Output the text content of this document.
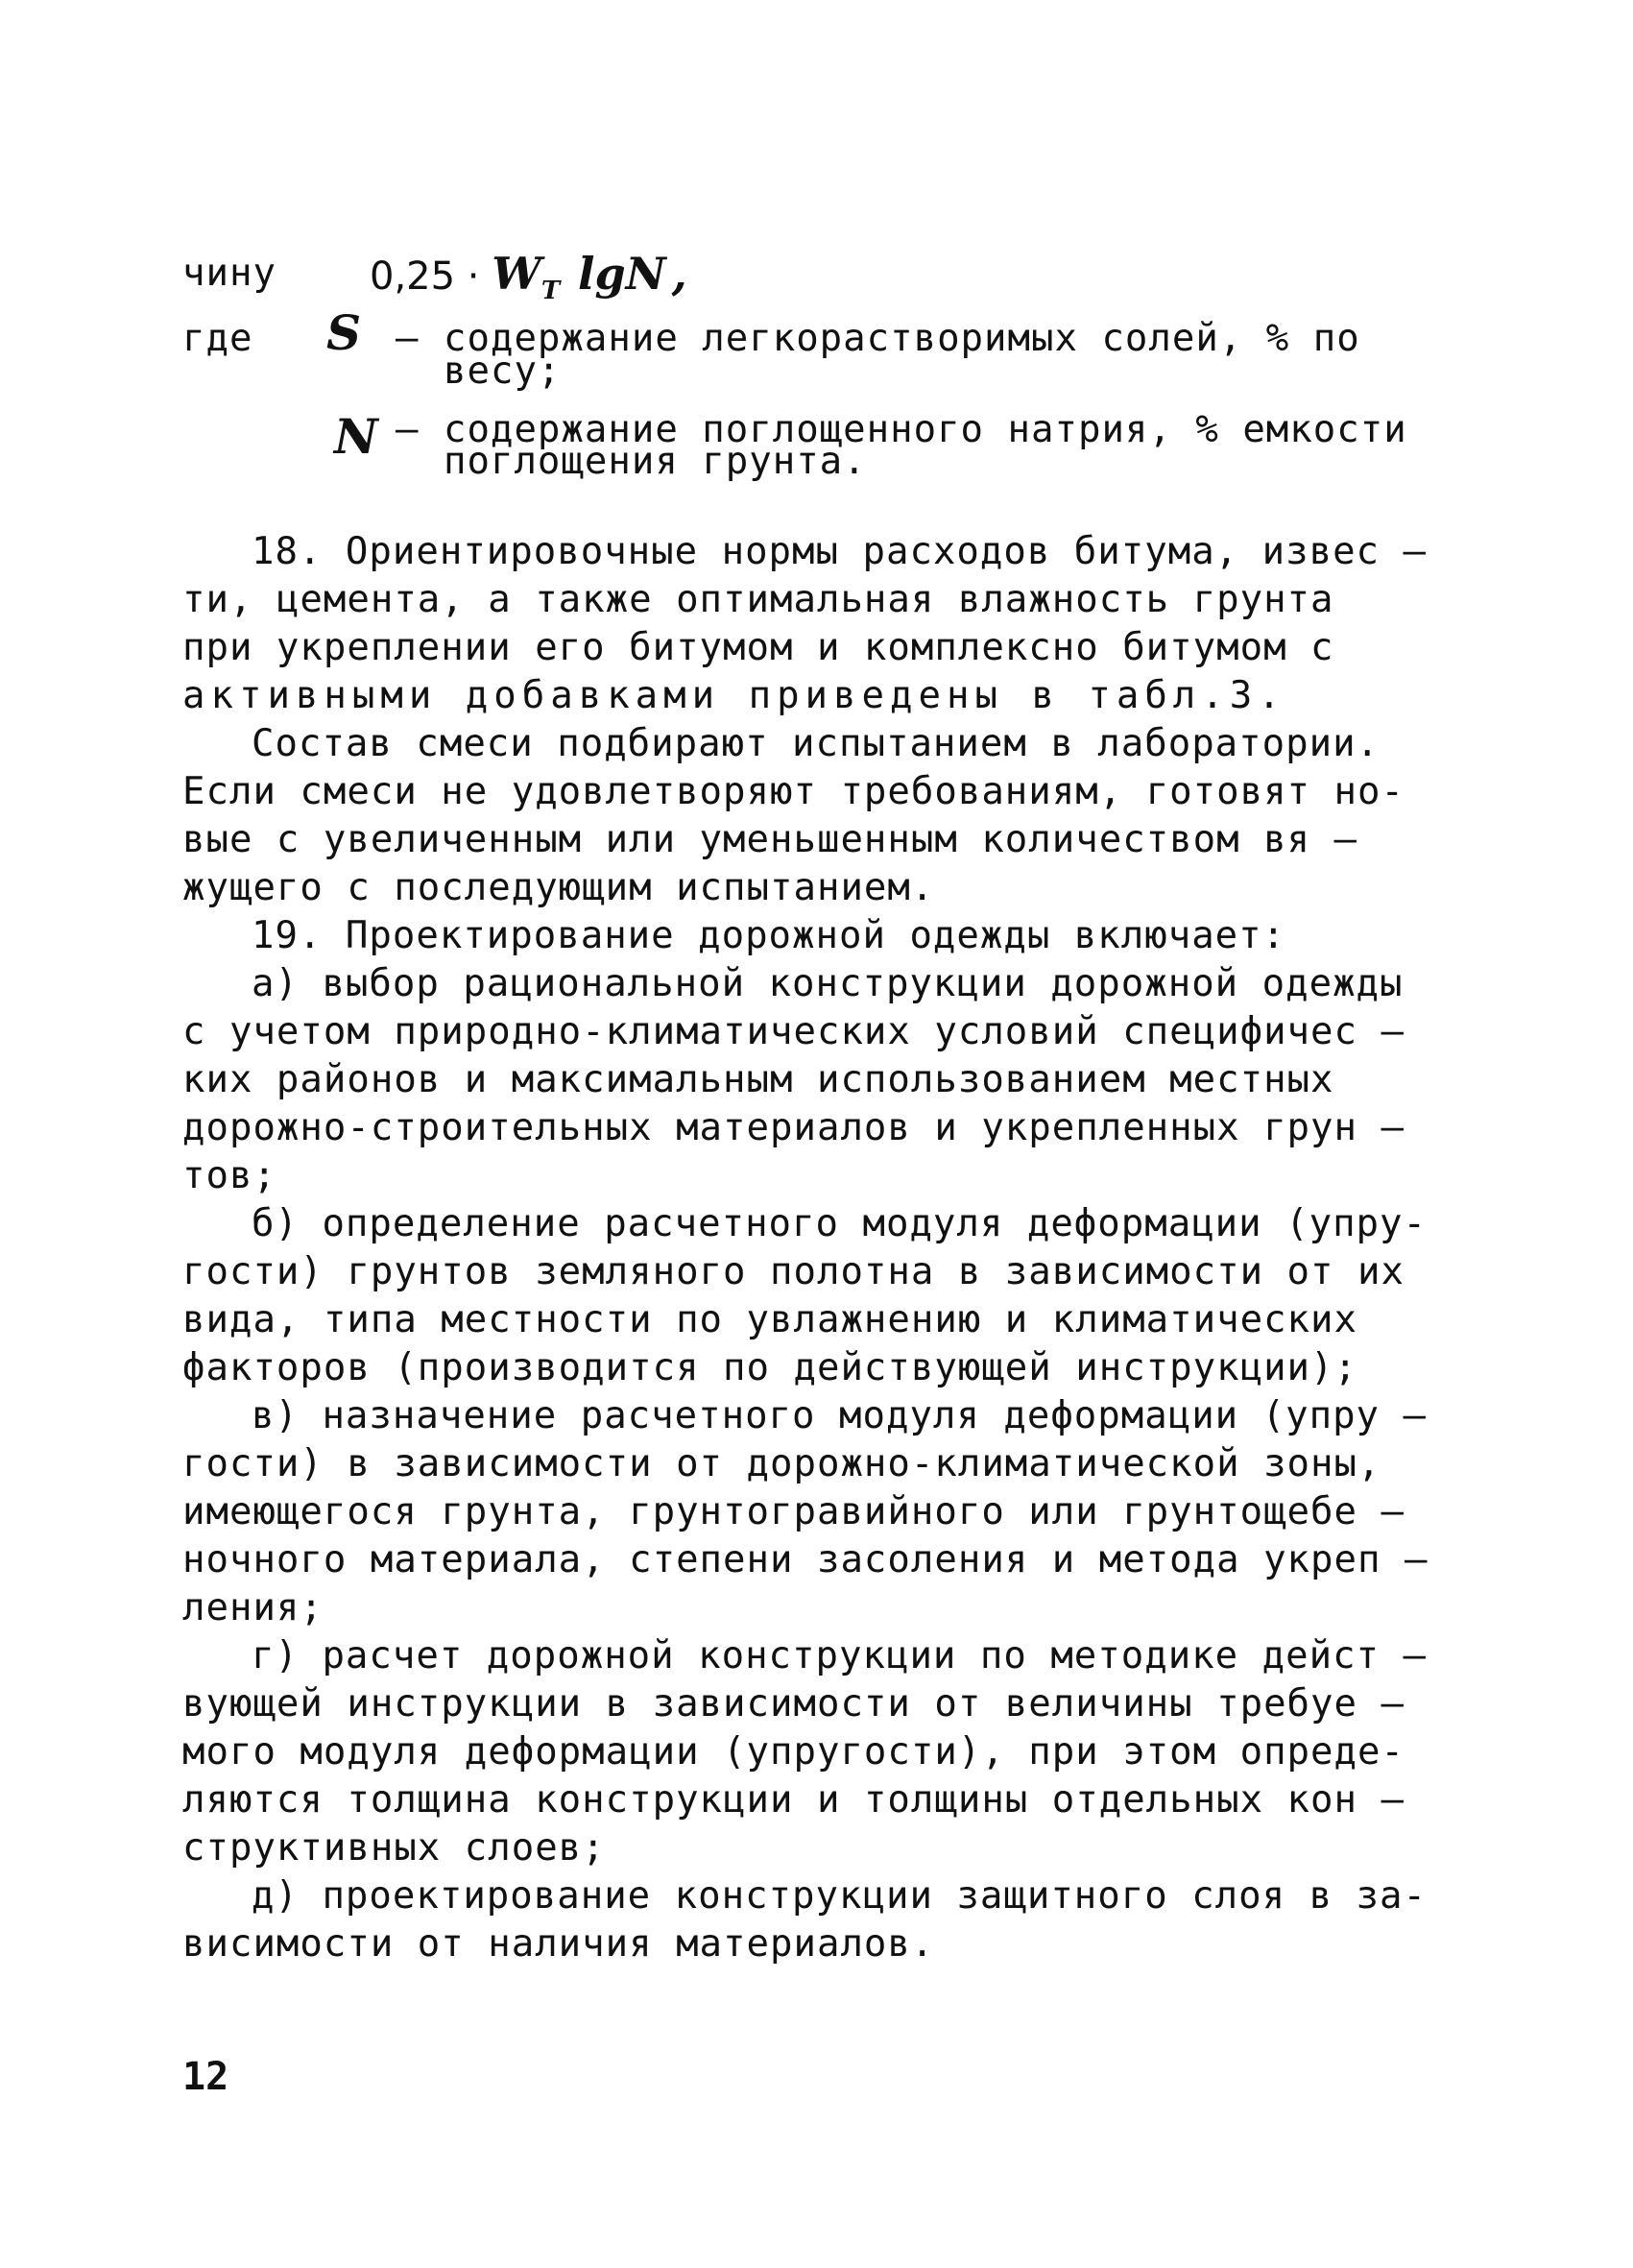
чину $0,25 \cdot W_T$ lgN ,
где S – содержание легкорастворимых солей, % по
весу;
N – содержание поглощенного натрия, % емкости
поглощения грунта.
18. Ориентировочные нормы расходов битума, извес –
ти, цемента, а также оптимальная влажность грунта
при укреплении его битумом и комплексно битумом с
активными добавками приведены в табл.3.
Состав смеси подбирают испытанием в лаборатории.
Если смеси не удовлетворяют требованиям, готовят но-
вые с увеличенным или уменьшенным количеством вя –
жущего с последующим испытанием.
19. Проектирование дорожной одежды включает:
а) выбор рациональной конструкции дорожной одежды
с учетом природно-климатических условий специфичес –
ких районов и максимальным использованием местных
дорожно-строительных материалов и укрепленных грун –
тов;
б) определение расчетного модуля деформации (упру-
гости) грунтов земляного полотна в зависимости от их
вида, типа местности по увлажнению и климатических
факторов (производится по действующей инструкции);
в) назначение расчетного модуля деформации (упру –
гости) в зависимости от дорожно-климатической зоны,
имеющегося грунта, грунтогравийного или грунтощебе –
ночного материала, степени засоления и метода укреп –
ления;
г) расчет дорожной конструкции по методике дейст –
вующей инструкции в зависимости от величины требуе –
мого модуля деформации (упругости), при этом опреде-
ляются толщина конструкции и толщины отдельных кон –
структивных слоев;
д) проектирование конструкции защитного слоя в за-
висимости от наличия материалов.
12
